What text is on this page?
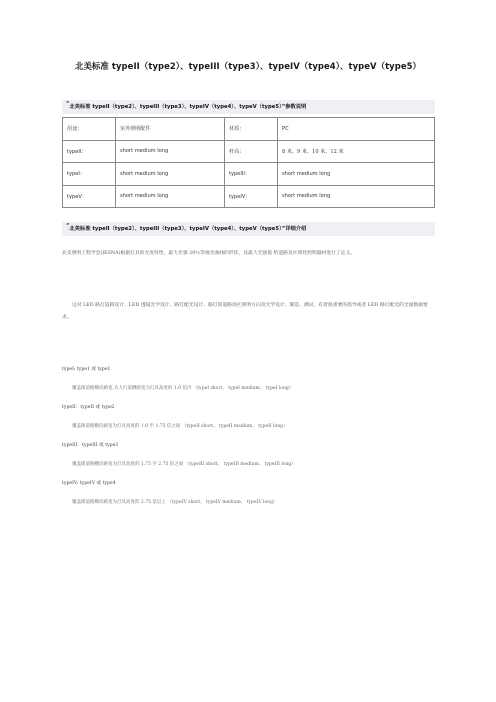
北美标准 typeII（type2）、typeIII（type3）、typeIV（type4）、typeV（type5）
“北美标准 typeII（type2）、typeIII（type3）、typeIV（type4）、typeV（type5）”参数说明
用途：	室外照明配件	材质：	PC
typeII：	short medium long	杆高：	8 米、9 米、10 米、12 米
typeI：	short medium long	typeIII：	short medium long
typeV：	short medium long	typeIV：	short medium long
“北美标准 typeII（type2）、typeIII（type3）、typeIV（type4）、typeV（type5）”详细介绍
北美照明工程学会(IESNA)根据灯具的光度特性，最大光强 20％等烛光曲线的形状，及最大光强值 给道路及区域性照明器材进行了定义。
这对 LED 路灯道路设计、LED 透镜光学设计、路灯配光设计、路灯的道路场区照明方向及光学设计、制造、测试、有着很重要的指导或者 LED 路灯配光的全面数据要求。
typeI: type1 或 type1
覆盖街道路横向路宽,为人行道侧路宽为灯具高度的 1.0 倍内 （typeI short、 typeI medium、 typeI long）
typeII：typeII 或 type2
覆盖街道路横向路宽为灯具高度的 1.0 至 1.75 倍之间 （typeII short、 typeII medium、 typeII long）
typeIII：typeIII 或 type3
覆盖街道路横向路宽为灯具高度的 1.75 至 2.75 倍之间 （typeIII short、 typeIII medium、 typeIII long）
typeIV: typeIV 或 type4
覆盖街道路横向路宽为灯具高度的 2.75 倍以上 （typeIV short、 typeIV medium、 typeIV long）
